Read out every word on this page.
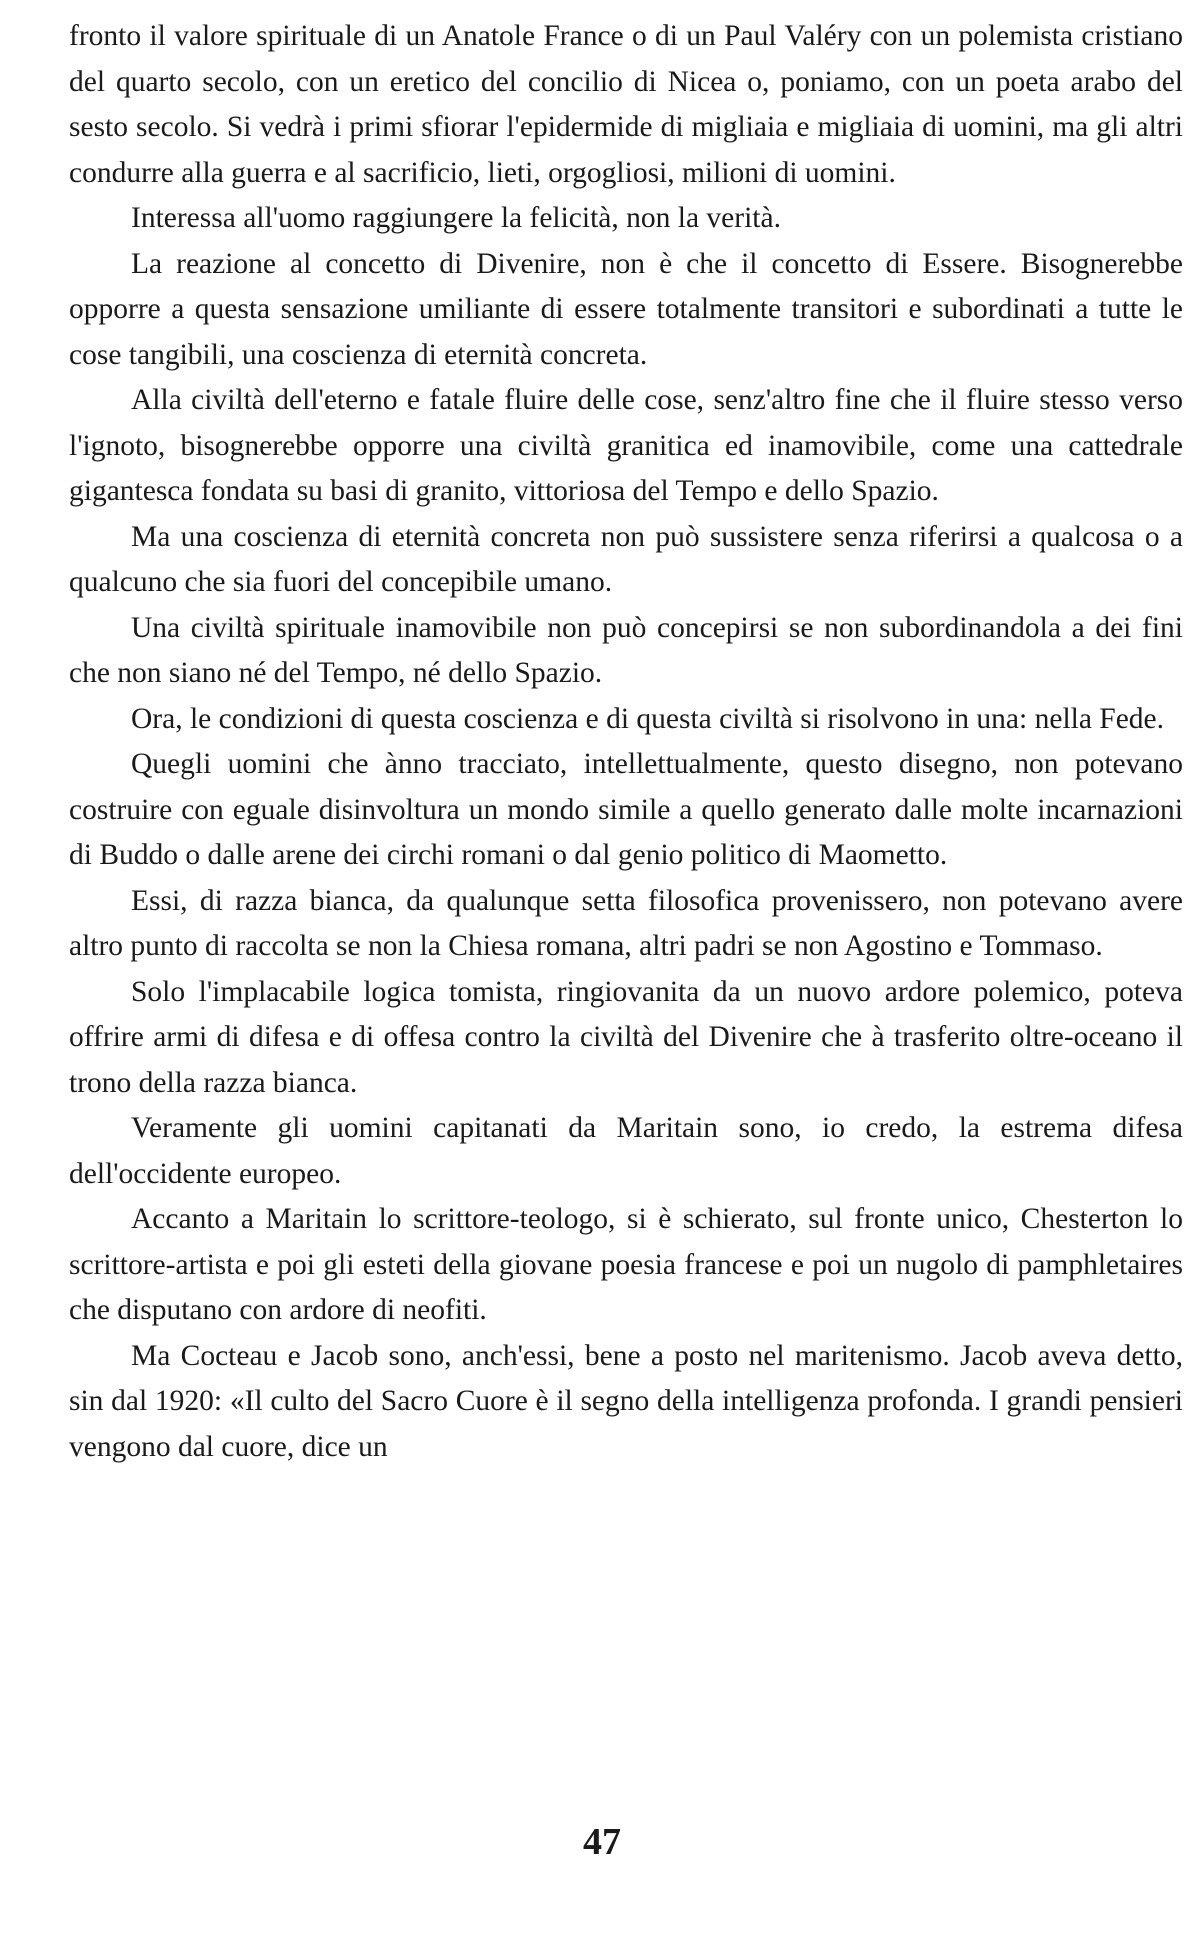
fronto il valore spirituale di un Anatole France o di un Paul Valéry con un polemista cristiano del quarto secolo, con un eretico del concilio di Nicea o, poniamo, con un poeta arabo del sesto secolo. Si vedrà i primi sfiorar l'epidermide di migliaia e migliaia di uomini, ma gli altri condurre alla guerra e al sacrificio, lieti, orgogliosi, milioni di uomini.

Interessa all'uomo raggiungere la felicità, non la verità.

La reazione al concetto di Divenire, non è che il concetto di Essere. Bisognerebbe opporre a questa sensazione umiliante di essere totalmente transitori e subordinati a tutte le cose tangibili, una coscienza di eternità concreta.

Alla civiltà dell'eterno e fatale fluire delle cose, senz'altro fine che il fluire stesso verso l'ignoto, bisognerebbe opporre una civiltà granitica ed inamovibile, come una cattedrale gigantesca fondata su basi di granito, vittoriosa del Tempo e dello Spazio.

Ma una coscienza di eternità concreta non può sussistere senza riferirsi a qualcosa o a qualcuno che sia fuori del concepibile umano.

Una civiltà spirituale inamovibile non può concepirsi se non subordinandola a dei fini che non siano né del Tempo, né dello Spazio.

Ora, le condizioni di questa coscienza e di questa civiltà si risolvono in una: nella Fede.

Quegli uomini che ànno tracciato, intellettualmente, questo disegno, non potevano costruire con eguale disinvoltura un mondo simile a quello generato dalle molte incarnazioni di Buddo o dalle arene dei circhi romani o dal genio politico di Maometto.

Essi, di razza bianca, da qualunque setta filosofica provenissero, non potevano avere altro punto di raccolta se non la Chiesa romana, altri padri se non Agostino e Tommaso.

Solo l'implacabile logica tomista, ringiovanita da un nuovo ardore polemico, poteva offrire armi di difesa e di offesa contro la civiltà del Divenire che à trasferito oltre-oceano il trono della razza bianca.

Veramente gli uomini capitanati da Maritain sono, io credo, la estrema difesa dell'occidente europeo.

Accanto a Maritain lo scrittore-teologo, si è schierato, sul fronte unico, Chesterton lo scrittore-artista e poi gli esteti della giovane poesia francese e poi un nugolo di pamphletaires che disputano con ardore di neofiti.

Ma Cocteau e Jacob sono, anch'essi, bene a posto nel maritenismo. Jacob aveva detto, sin dal 1920: «Il culto del Sacro Cuore è il segno della intelligenza profonda. I grandi pensieri vengono dal cuore, dice un

47
